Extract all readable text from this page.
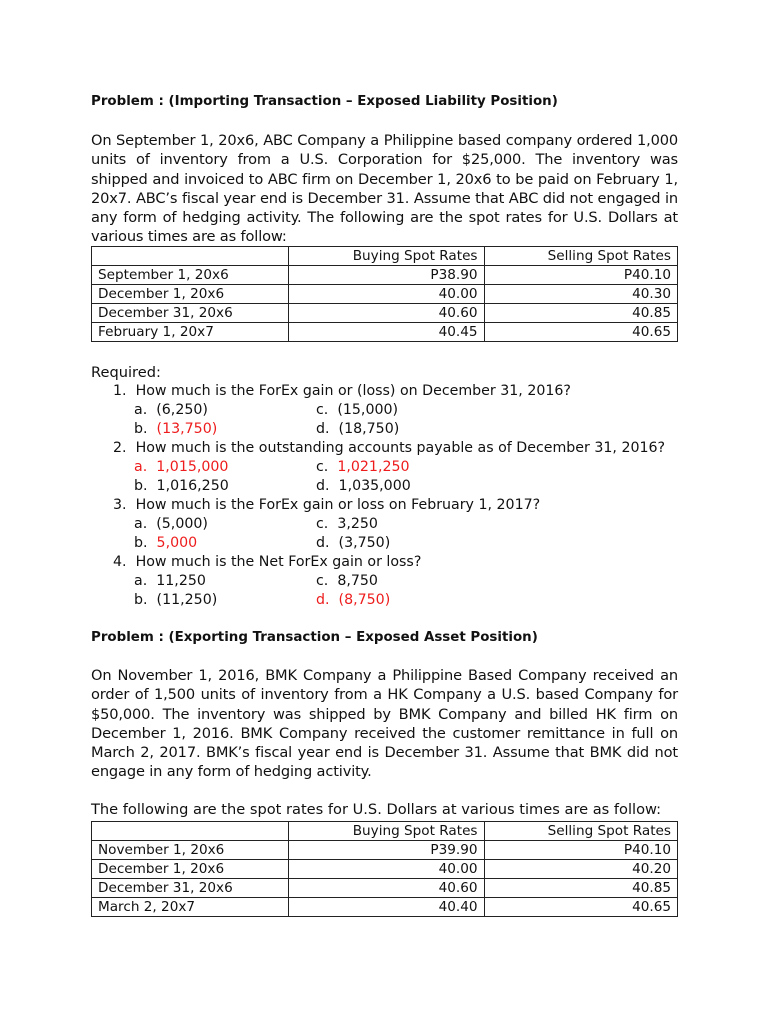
Problem : (Importing Transaction – Exposed Liability Position)

On September 1, 20x6, ABC Company a Philippine based company ordered 1,000 units of inventory from a U.S. Corporation for $25,000. The inventory was shipped and invoiced to ABC firm on December 1, 20x6 to be paid on February 1, 20x7. ABC’s fiscal year end is December 31. Assume that ABC did not engaged in any form of hedging activity. The following are the spot rates for U.S. Dollars at various times are as follow:

	Buying Spot Rates	Selling Spot Rates
September 1, 20x6	P38.90	P40.10
December 1, 20x6	40.00	40.30
December 31, 20x6	40.60	40.85
February 1, 20x7	40.45	40.65
Required:
1. How much is the ForEx gain or (loss) on December 31, 2016?
a. (6,250)	c. (15,000)
b. (13,750)	d. (18,750)
2. How much is the outstanding accounts payable as of December 31, 2016?
a. 1,015,000	c. 1,021,250
b. 1,016,250	d. 1,035,000
3. How much is the ForEx gain or loss on February 1, 2017?
a. (5,000)	c. 3,250
b. 5,000	d. (3,750)
4. How much is the Net ForEx gain or loss?
a. 11,250	c. 8,750
b. (11,250)	d. (8,750)
Problem : (Exporting Transaction – Exposed Asset Position)

On November 1, 2016, BMK Company a Philippine Based Company received an order of 1,500 units of inventory from a HK Company a U.S. based Company for $50,000. The inventory was shipped by BMK Company and billed HK firm on December 1, 2016. BMK Company received the customer remittance in full on March 2, 2017. BMK’s fiscal year end is December 31. Assume that BMK did not engage in any form of hedging activity.

The following are the spot rates for U.S. Dollars at various times are as follow:
	Buying Spot Rates	Selling Spot Rates
November 1, 20x6	P39.90	P40.10
December 1, 20x6	40.00	40.20
December 31, 20x6	40.60	40.85
March 2, 20x7	40.40	40.65
